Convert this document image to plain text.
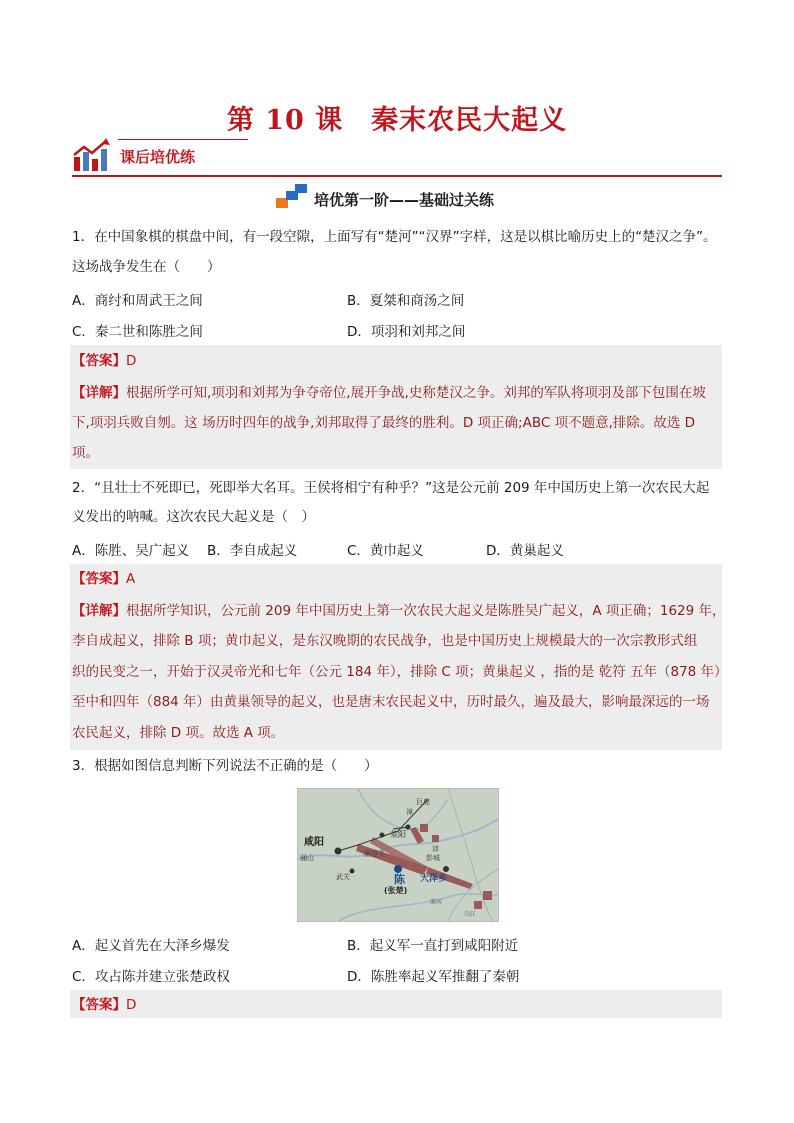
第 10 课　秦末农民大起义
课后培优练
培优第一阶——基础过关练
1．在中国象棋的棋盘中间，有一段空隙，上面写有“楚河”“汉界”字样，这是以棋比喻历史上的“楚汉之争”。
这场战争发生在（　　）
A．商纣和周武王之间	B．夏桀和商汤之间
C．秦二世和陈胜之间	D．项羽和刘邦之间
【答案】D
【详解】根据所学可知,项羽和刘邦为争夺帝位,展开争战,史称楚汉之争。刘邦的军队将项羽及部下包围在坡
下,项羽兵败自刎。这 场历时四年的战争,刘邦取得了最终的胜利。D 项正确;ABC 项不题意,排除。故选 D
项。
2．“且壮士不死即已，死即举大名耳。王侯将相宁有种乎？”这是公元前 209 年中国历史上第一次农民大起
义发出的呐喊。这次农民大起义是（　）
A．陈胜、吴广起义 B．李自成起义	C．黄巾起义	D．黄巢起义
【答案】A
【详解】根据所学知识，公元前 209 年中国历史上第一次农民大起义是陈胜吴广起义，A 项正确；1629 年，
李自成起义，排除 B 项；黄巾起义，是东汉晚期的农民战争，也是中国历史上规模最大的一次宗教形式组
织的民变之一，开始于汉灵帝光和七年（公元 184 年），排除 C 项；黄巢起义 ，指的是 乾符 五年（878 年）
至中和四年（884 年）由黄巢领导的起义，也是唐末农民起义中，历时最久，遍及最大，影响最深远的一场
农民起义，排除 D 项。故选 A 项。
3．根据如图信息判断下列说法不正确的是（　　）
咸阳
骊山	函谷关
武关
荥阳
巨鹿
漳
沛
彭城
陈
(张楚)
大泽乡
淮河
乌江
A．起义首先在大泽乡爆发	B．起义军一直打到咸阳附近
C．攻占陈并建立张楚政权	D．陈胜率起义军推翻了秦朝
【答案】D
